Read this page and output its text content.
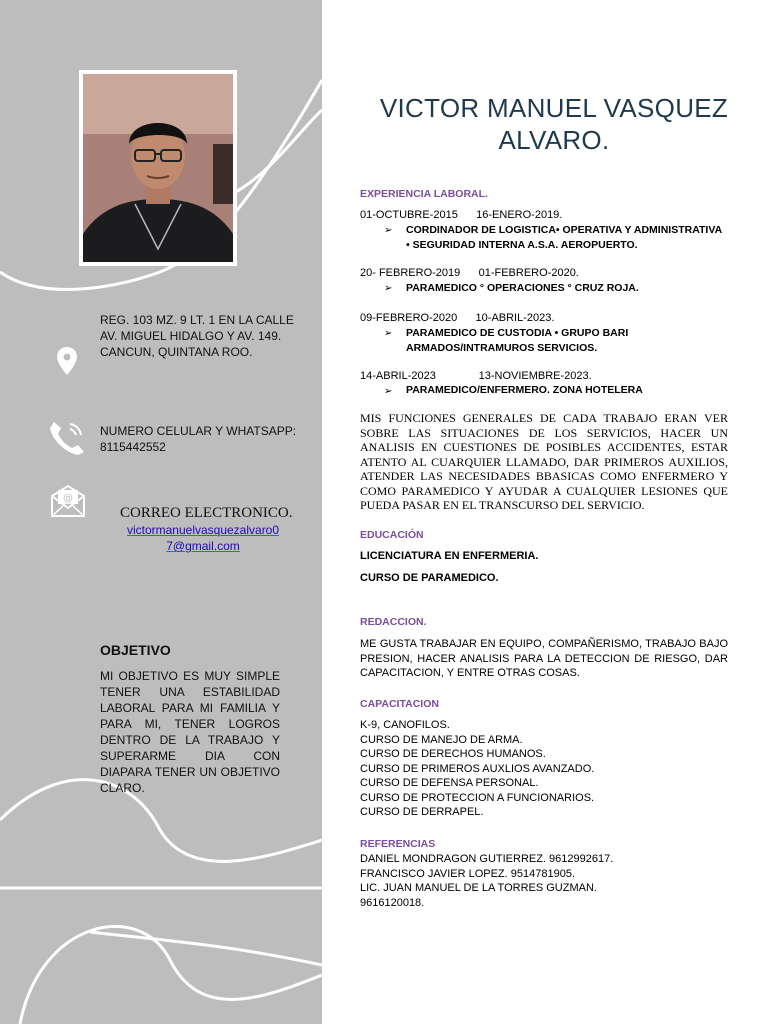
REG. 103 MZ. 9 LT. 1 EN LA CALLE AV. MIGUEL HIDALGO Y AV. 149. CANCUN, QUINTANA ROO.
NUMERO CELULAR Y WHATSAPP: 8115442552
@
CORREO ELECTRONICO.
victormanuelvasquezalvaro0
7@gmail.com
OBJETIVO
MI OBJETIVO ES MUY SIMPLE TENER UNA ESTABILIDAD LABORAL PARA MI FAMILIA Y PARA MI, TENER LOGROS DENTRO DE LA TRABAJO Y SUPERARME DIA CON DIAPARA TENER UN OBJETIVO CLARO.
VICTOR MANUEL VASQUEZ
ALVARO.
EXPERIENCIA LABORAL.
01-OCTUBRE-2015      16-ENERO-2019.
➢ CORDINADOR DE LOGISTICA• OPERATIVA Y ADMINISTRATIVA
• SEGURIDAD INTERNA A.S.A. AEROPUERTO.
20- FEBRERO-2019      01-FEBRERO-2020.
➢ PARAMEDICO ° OPERACIONES ° CRUZ ROJA.
09-FEBRERO-2020      10-ABRIL-2023.
➢ PARAMEDICO DE CUSTODIA • GRUPO BARI
ARMADOS/INTRAMUROS SERVICIOS.
14-ABRIL-2023              13-NOVIEMBRE-2023.
➢ PARAMEDICO/ENFERMERO. ZONA HOTELERA
MIS FUNCIONES GENERALES DE CADA TRABAJO ERAN VER SOBRE LAS SITUACIONES DE LOS SERVICIOS, HACER UN ANALISIS EN CUESTIONES DE POSIBLES ACCIDENTES, ESTAR ATENTO AL CUARQUIER LLAMADO, DAR PRIMEROS AUXILIOS, ATENDER LAS NECESIDADES BBASICAS COMO ENFERMERO Y COMO PARAMEDICO Y AYUDAR A CUALQUIER LESIONES QUE PUEDA PASAR EN EL TRANSCURSO DEL SERVICIO.
EDUCACIÓN
LICENCIATURA EN ENFERMERIA.
CURSO DE PARAMEDICO.
REDACCION.
ME GUSTA TRABAJAR EN EQUIPO, COMPAÑERISMO, TRABAJO BAJO PRESION, HACER ANALISIS PARA LA DETECCION DE RIESGO, DAR CAPACITACION, Y ENTRE OTRAS COSAS.
CAPACITACION
K-9, CANOFILOS.
CURSO DE MANEJO DE ARMA.
CURSO DE DERECHOS HUMANOS.
CURSO DE PRIMEROS AUXLIOS AVANZADO.
CURSO DE DEFENSA PERSONAL.
CURSO DE PROTECCION A FUNCIONARIOS.
CURSO DE DERRAPEL.
REFERENCIAS
DANIEL MONDRAGON GUTIERREZ. 9612992617.
FRANCISCO JAVIER LOPEZ. 9514781905.
LIC. JUAN MANUEL DE LA TORRES GUZMAN.
9616120018.
